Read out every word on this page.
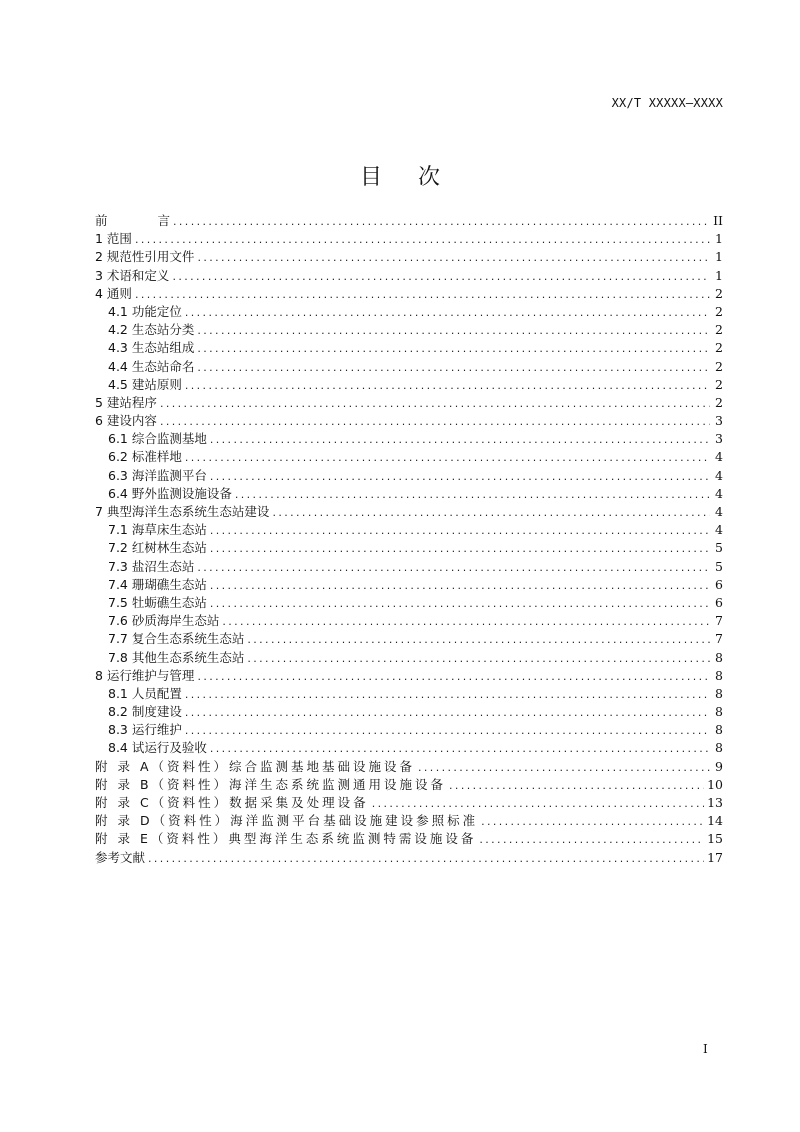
XX/T XXXXX—XXXX
目次
前	言 .....	II
1 范围 .....	1
2 规范性引用文件 .....	1
3 术语和定义 .....	1
4 通则 .....	2
4.1 功能定位 .....	2
4.2 生态站分类 .....	2
4.3 生态站组成 .....	2
4.4 生态站命名 .....	2
4.5 建站原则 .....	2
5 建站程序 .....	2
6 建设内容 .....	3
6.1 综合监测基地 .....	3
6.2 标准样地 .....	4
6.3 海洋监测平台 .....	4
6.4 野外监测设施设备 .....	4
7 典型海洋生态系统生态站建设 .....	4
7.1 海草床生态站 .....	4
7.2 红树林生态站 .....	5
7.3 盐沼生态站 .....	5
7.4 珊瑚礁生态站 .....	6
7.5 牡蛎礁生态站 .....	6
7.6 砂质海岸生态站 .....	7
7.7 复合生态系统生态站 .....	7
7.8 其他生态系统生态站 .....	8
8 运行维护与管理 .....	8
8.1 人员配置 .....	8
8.2 制度建设 .....	8
8.3 运行维护 .....	8
8.4 试运行及验收 .....	8
附 录 A（资料性）综合监测基地基础设施设备 .....	9
附 录 B（资料性）海洋生态系统监测通用设施设备 .....	10
附 录 C（资料性）数据采集及处理设备 .....	13
附 录 D（资料性）海洋监测平台基础设施建设参照标准 .....	14
附 录 E（资料性）典型海洋生态系统监测特需设施设备 .....	15
参考文献 .....	17
I
